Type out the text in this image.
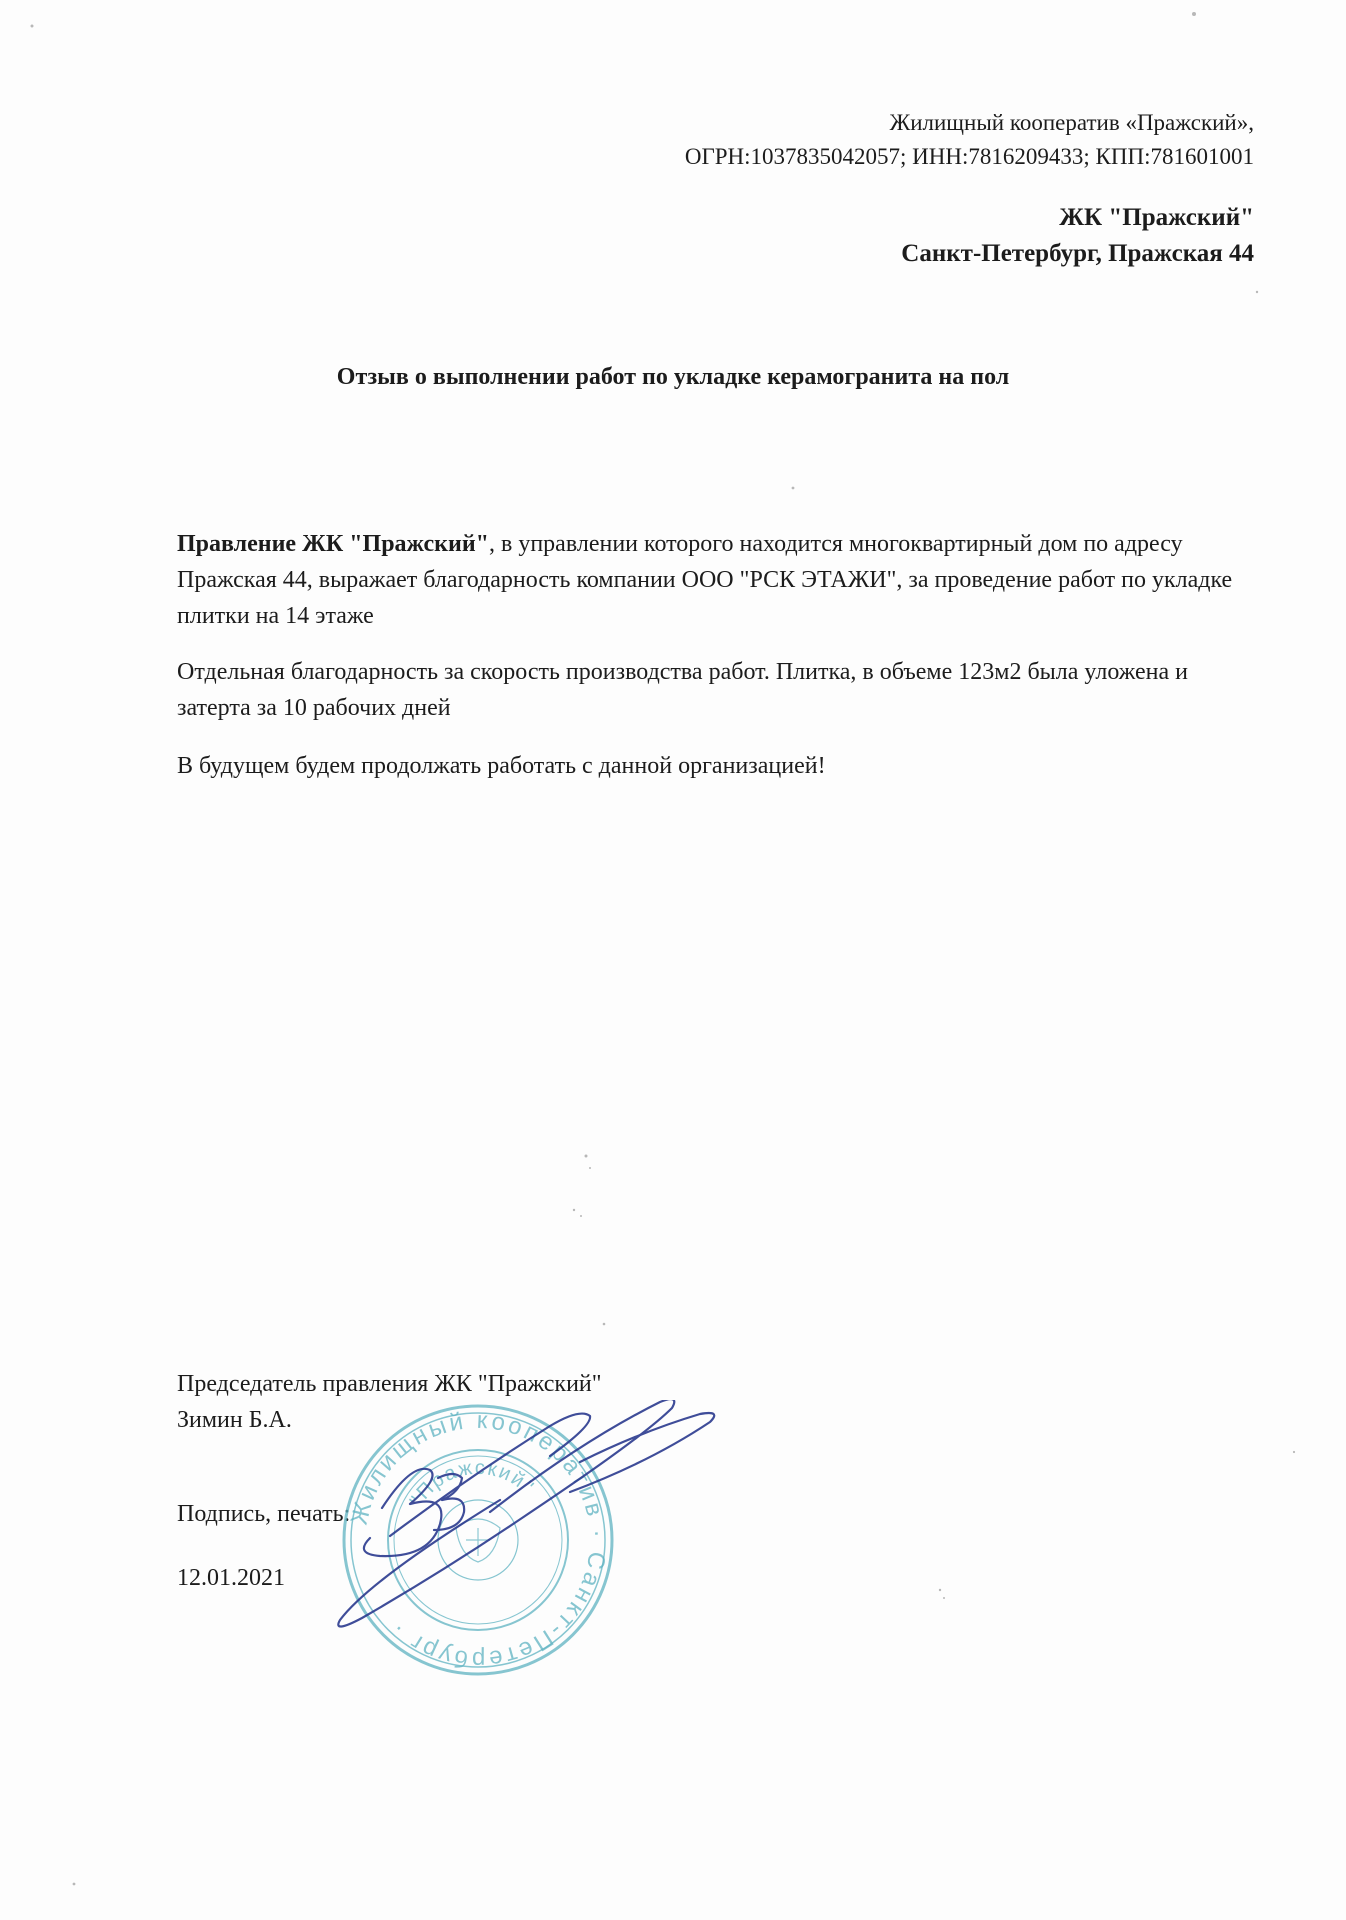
Жилищный кооператив «Пражский»,
ОГРН:1037835042057; ИНН:7816209433; КПП:781601001
ЖК "Пражский"
Санкт-Петербург, Пражская 44
Отзыв о выполнении работ по укладке керамогранита на пол
Правление ЖК "Пражский", в управлении которого находится многоквартирный дом по адресу Пражская 44, выражает благодарность компании ООО "РСК ЭТАЖИ", за проведение работ по укладке плитки на 14 этаже
Отдельная благодарность за скорость производства работ. Плитка, в объеме 123м2 была уложена и затерта за 10 рабочих дней
В будущем будем продолжать работать с данной организацией!
Председатель правления ЖК "Пражский"
Зимин Б.А.
Подпись, печать:
12.01.2021
Жилищный кооператив · Санкт-Петербург ·
"Пражский"
